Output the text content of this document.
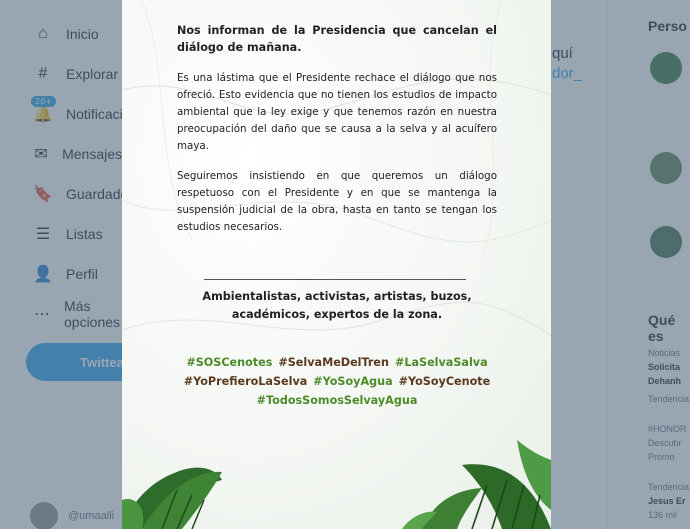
Nos informan de la Presidencia que cancelan el diálogo de mañana.

Es una lástima que el Presidente rechace el diálogo que nos ofreció. Esto evidencia que no tienen los estudios de impacto ambiental que la ley exige y que tenemos razón en nuestra preocupación del daño que se causa a la selva y al acuífero maya.

Seguiremos insistiendo en que queremos un diálogo respetuoso con el Presidente y en que se mantenga la suspensión judicial de la obra, hasta en tanto se tengan los estudios necesarios.

Ambientalistas, activistas, artistas, buzos,
académicos, expertos de la zona.
#SOSCenotes #SelvaMeDelTren #LaSelvaSalva
#YoPrefieroLaSelva #YoSoyAgua #YoSoyCenote
#TodosSomosSelvayAgua
